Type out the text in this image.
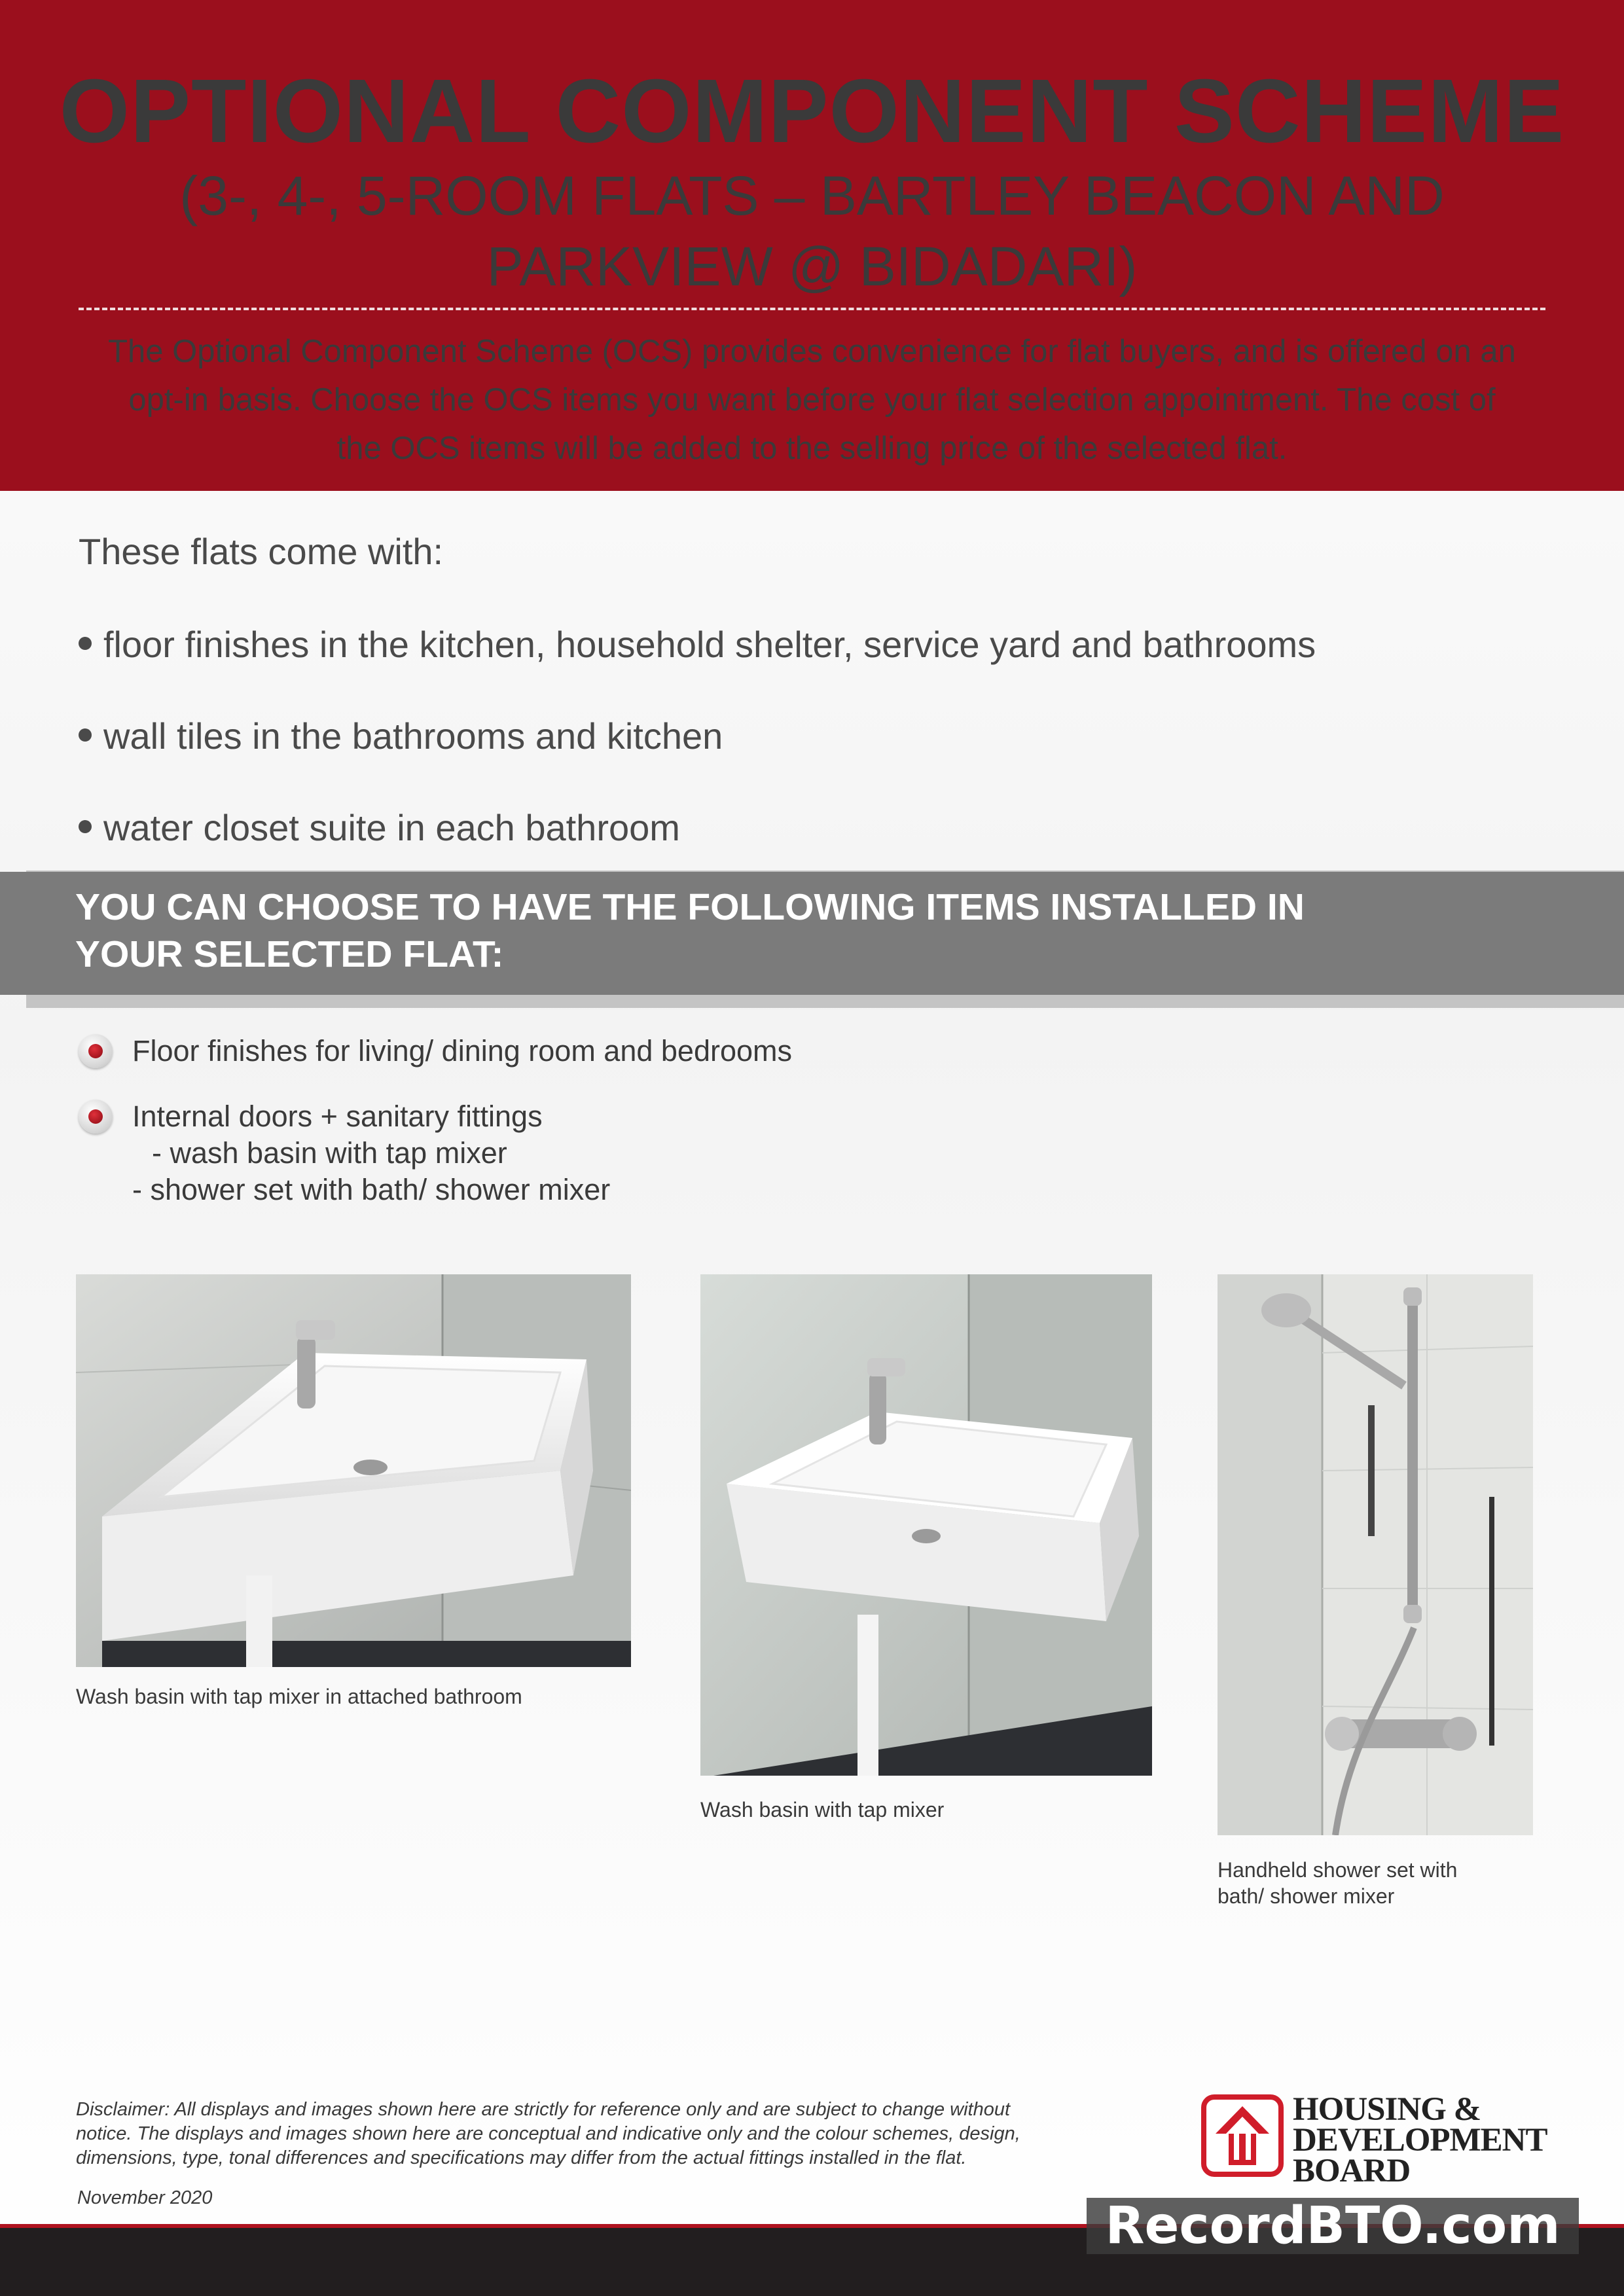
OPTIONAL COMPONENT SCHEME
(3-, 4-, 5-ROOM FLATS – BARTLEY BEACON AND
PARKVIEW @ BIDADARI)
The Optional Component Scheme (OCS) provides convenience for flat buyers, and is offered on an
opt-in basis. Choose the OCS items you want before your flat selection appointment. The cost of
the OCS items will be added to the selling price of the selected flat.
These flats come with:
floor finishes in the kitchen, household shelter, service yard and bathrooms
wall tiles in the bathrooms and kitchen
water closet suite in each bathroom
YOU CAN CHOOSE TO HAVE THE FOLLOWING ITEMS INSTALLED IN
YOUR SELECTED FLAT:
Floor finishes for living/ dining room and bedrooms
Internal doors + sanitary fittings
- wash basin with tap mixer
- shower set with bath/ shower mixer
Wash basin with tap mixer in attached bathroom
Wash basin with tap mixer
Handheld shower set with
bath/ shower mixer
Disclaimer: All displays and images shown here are strictly for reference only and are subject to change without
notice. The displays and images shown here are conceptual and indicative only and the colour schemes, design,
dimensions, type, tonal differences and specifications may differ from the actual fittings installed in the flat.
November 2020
HOUSING &
DEVELOPMENT
BOARD
RecordBTO.com
